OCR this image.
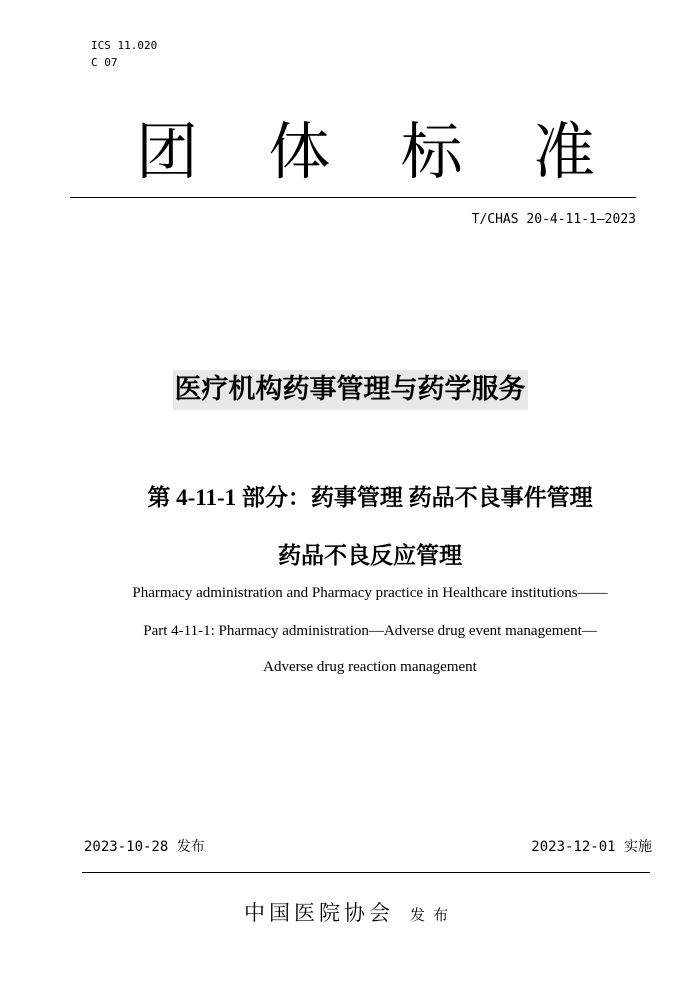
ICS 11.020
C 07
团 体 标 准
T/CHAS 20-4-11-1—2023
医疗机构药事管理与药学服务
第 4-11-1 部分：药事管理 药品不良事件管理
药品不良反应管理
Pharmacy administration and Pharmacy practice in Healthcare institutions——
Part 4-11-1: Pharmacy administration—Adverse drug event management—
Adverse drug reaction management
2023-10-28 发布	2023-12-01 实施
中国医院协会 发布
